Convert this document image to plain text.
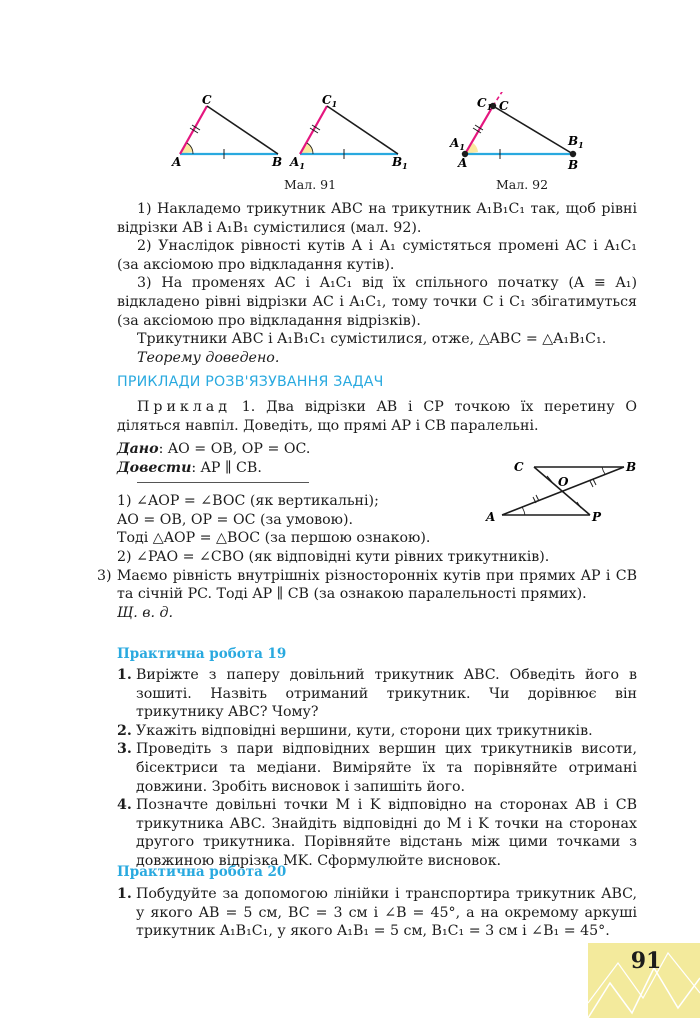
A	B
C
$A_1$	$B_1$
$C_1$
$A_1$
A
$B_1$
B
$C_1$ C
Мал. 91	Мал. 92

1) Накладемо трикутник ABC на трикутник A₁B₁C₁ так, щоб рівні відрізки AB і A₁B₁ сумістилися (мал. 92).

2) Унаслідок рівності кутів A і A₁ сумістяться промені AC і A₁C₁ (за аксіомою про відкладання кутів).

3) На променях AC і A₁C₁ від їх спільного початку (A ≡ A₁) відкладено рівні відрізки AC і A₁C₁, тому точки C і C₁ збігатимуться (за аксіомою про відкладання відрізків).

Трикутники ABC і A₁B₁C₁ сумістилися, отже, △ABC = △A₁B₁C₁.

Теорему доведено.

ПРИКЛАДИ РОЗВ'ЯЗУВАННЯ ЗАДАЧ

Приклад 1. Два відрізки AB і CP точкою їх перетину O діляться навпіл. Доведіть, що прямі AP і CB паралельні.

Дано: AO = OB, OP = OC.

Довести: AP ∥ CB.	C	B
O
A	P

1) ∠AOP = ∠BOC (як вертикальні);

AO = OB, OP = OC (за умовою).

Тоді △AOP = △BOC (за першою ознакою).

2) ∠PAO = ∠CBO (як відповідні кути рівних трикутників).

3) Маємо рівність внутрішніх різносторонніх кутів при прямих AP і CB та січній PC. Тоді AP ∥ CB (за ознакою паралельності прямих).

Щ. в. д.

Практична робота 19
1. Виріжте з паперу довільний трикутник ABC. Обведіть його в зошиті. Назвіть отриманий трикутник. Чи дорівнює він трикутнику ABC? Чому?
2. Укажіть відповідні вершини, кути, сторони цих трикутників.
3. Проведіть з пари відповідних вершин цих трикутників висоти, бісектриси та медіани. Виміряйте їх та порівняйте отримані довжини. Зробіть висновок і запишіть його.
4. Позначте довільні точки M і K відповідно на сторонах AB і CB трикутника ABC. Знайдіть відповідні до M і K точки на сторонах другого трикутника. Порівняйте відстань між цими точками з довжиною відрізка MK. Сформулюйте висновок.
Практична робота 20
1. Побудуйте за допомогою лінійки і транспортира трикутник ABC, у якого AB = 5 см, BC = 3 см і ∠B = 45°, а на окремому аркуші трикутник A₁B₁C₁, у якого A₁B₁ = 5 см, B₁C₁ = 3 см і ∠B₁ = 45°.
91
